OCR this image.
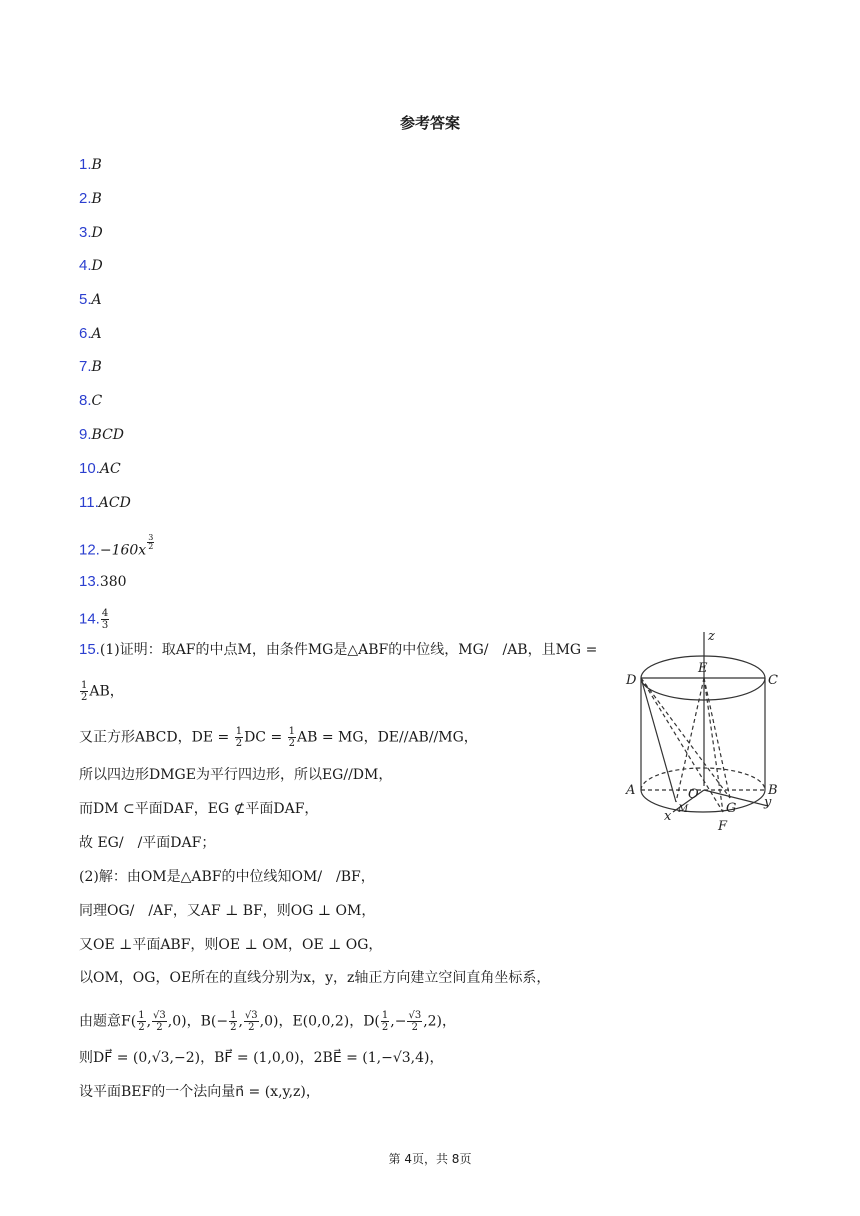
参考答案
1.B
2.B
3.D
4.D
5.A
6.A
7.B
8.C
9.BCD
10.AC
11.ACD
12.−160x $^{\frac{3}{2}}$
13.380
14. $\frac{4}{3}$
15.(1)证明：取AF的中点M，由条件MG是△ABF的中位线，MG/　/AB，且MG =
$\frac{1}{2}$ AB，
又正方形ABCD，DE = $\frac{1}{2}$ DC = $\frac{1}{2}$ AB = MG，DE//AB//MG，
所以四边形DMGE为平行四边形，所以EG//DM，
而DM ⊂平面DAF，EG ⊄平面DAF，
故 EG/　/平面DAF；
(2)解：由OM是△ABF的中位线知OM/　/BF，
同理OG/　/AF，又AF ⊥ BF，则OG ⊥ OM，
又OE ⊥平面ABF，则OE ⊥ OM，OE ⊥ OG，
以OM，OG，OE所在的直线分别为x，y，z轴正方向建立空间直角坐标系，
由题意$F( \frac{1}{2}$ , $\frac{√3}{2} ,0$)，$B(- \frac{1}{2}$ , $\frac{√3}{2} ,0$)，E(0,0,2)，$D( \frac{1}{2}$ ,− $\frac{√3}{2} ,2$)，
则DF⃗ = (0,√3,−2)，BF⃗ = (1,0,0)，2BE⃗ = (1,−√3,4)，
设平面BEF的一个法向量n⃗ = (x,y,z)，
z
E
D	C
A	B
O
G
F
x
y
M
第 4页，共 8页
